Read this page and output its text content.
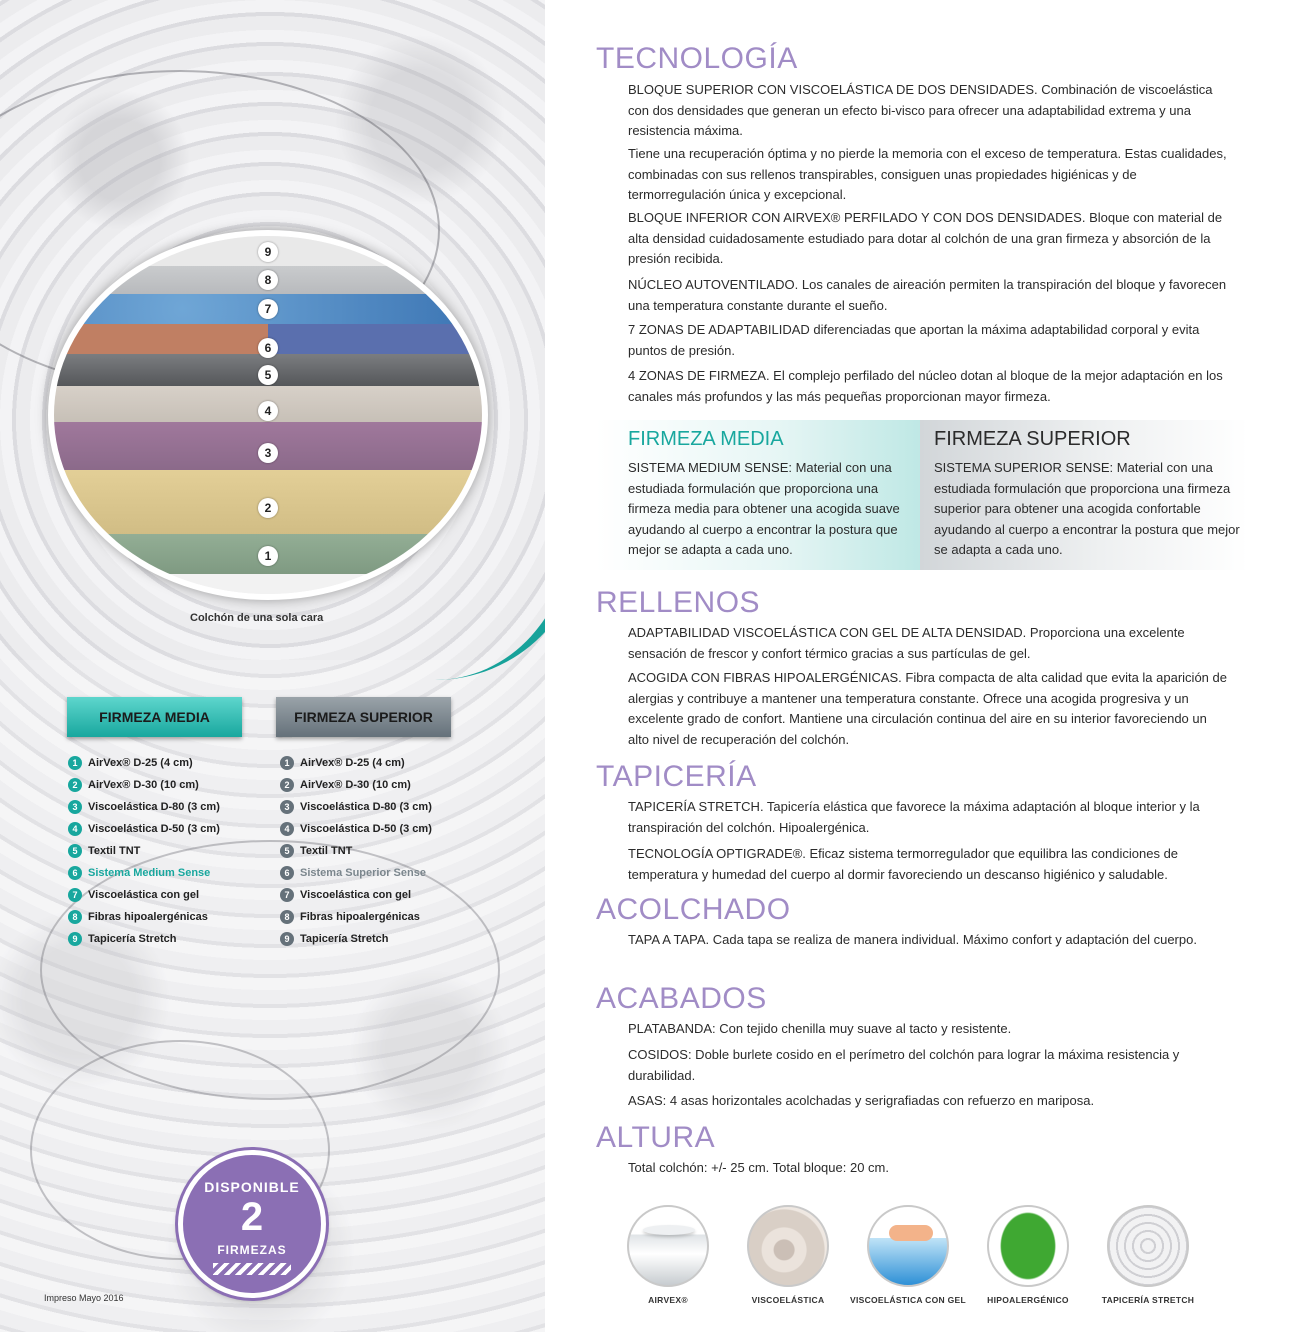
9
8
7
6
5
4
3
2
1
Colchón de una sola cara
FIRMEZA MEDIA	FIRMEZA SUPERIOR
1 AirVex® D-25 (4 cm)
2 AirVex® D-30 (10 cm)
3 Viscoelástica D-80 (3 cm)
4 Viscoelástica D-50 (3 cm)
5 Textil TNT
6 Sistema Medium Sense
7 Viscoelástica con gel
8 Fibras hipoalergénicas
9 Tapicería Stretch
1 AirVex® D-25 (4 cm)
2 AirVex® D-30 (10 cm)
3 Viscoelástica D-80 (3 cm)
4 Viscoelástica D-50 (3 cm)
5 Textil TNT
6 Sistema Superior Sense
7 Viscoelástica con gel
8 Fibras hipoalergénicas
9 Tapicería Stretch
DISPONIBLE
2
FIRMEZAS
Impreso Mayo 2016
TECNOLOGÍA

BLOQUE SUPERIOR CON VISCOELÁSTICA DE DOS DENSIDADES. Combinación de viscoelástica con dos densidades que generan un efecto bi-visco para ofrecer una adaptabilidad extrema y una resistencia máxima.

Tiene una recuperación óptima y no pierde la memoria con el exceso de temperatura. Estas cualidades, combinadas con sus rellenos transpirables, consiguen unas propiedades higiénicas y de termorregulación única y excepcional.

BLOQUE INFERIOR CON AIRVEX® PERFILADO Y CON DOS DENSIDADES. Bloque con material de alta densidad cuidadosamente estudiado para dotar al colchón de una gran firmeza y absorción de la presión recibida.

NÚCLEO AUTOVENTILADO. Los canales de aireación permiten la transpiración del bloque y favorecen una temperatura constante durante el sueño.

7 ZONAS DE ADAPTABILIDAD diferenciadas que aportan la máxima adaptabilidad corporal y evita puntos de presión.

4 ZONAS DE FIRMEZA. El complejo perfilado del núcleo dotan al bloque de la mejor adaptación en los canales más profundos y las más pequeñas proporcionan mayor firmeza.

FIRMEZA MEDIA
SISTEMA MEDIUM SENSE: Material con una estudiada formulación que proporciona una firmeza media para obtener una acogida suave ayudando al cuerpo a encontrar la postura que mejor se adapta a cada uno.
FIRMEZA SUPERIOR
SISTEMA SUPERIOR SENSE: Material con una estudiada formulación que proporciona una firmeza superior para obtener una acogida confortable ayudando al cuerpo a encontrar la postura que mejor se adapta a cada uno.
RELLENOS

ADAPTABILIDAD VISCOELÁSTICA CON GEL DE ALTA DENSIDAD. Proporciona una excelente sensación de frescor y confort térmico gracias a sus partículas de gel.

ACOGIDA CON FIBRAS HIPOALERGÉNICAS. Fibra compacta de alta calidad que evita la aparición de alergias y contribuye a mantener una temperatura constante. Ofrece una acogida progresiva y un excelente grado de confort. Mantiene una circulación continua del aire en su interior favoreciendo un alto nivel de recuperación del colchón.

TAPICERÍA

TAPICERÍA STRETCH. Tapicería elástica que favorece la máxima adaptación al bloque interior y la transpiración del colchón. Hipoalergénica.

TECNOLOGÍA OPTIGRADE®. Eficaz sistema termorregulador que equilibra las condiciones de temperatura y humedad del cuerpo al dormir favoreciendo un descanso higiénico y saludable.

ACOLCHADO

TAPA A TAPA. Cada tapa se realiza de manera individual. Máximo confort y adaptación del cuerpo.

ACABADOS

PLATABANDA: Con tejido chenilla muy suave al tacto y resistente.

COSIDOS: Doble burlete cosido en el perímetro del colchón para lograr la máxima resistencia y durabilidad.

ASAS: 4 asas horizontales acolchadas y serigrafiadas con refuerzo en mariposa.

ALTURA

Total colchón: +/- 25 cm. Total bloque: 20 cm.

AIRVEX®	VISCOELÁSTICA	VISCOELÁSTICA CON GEL	HIPOALERGÉNICO	TAPICERÍA STRETCH
